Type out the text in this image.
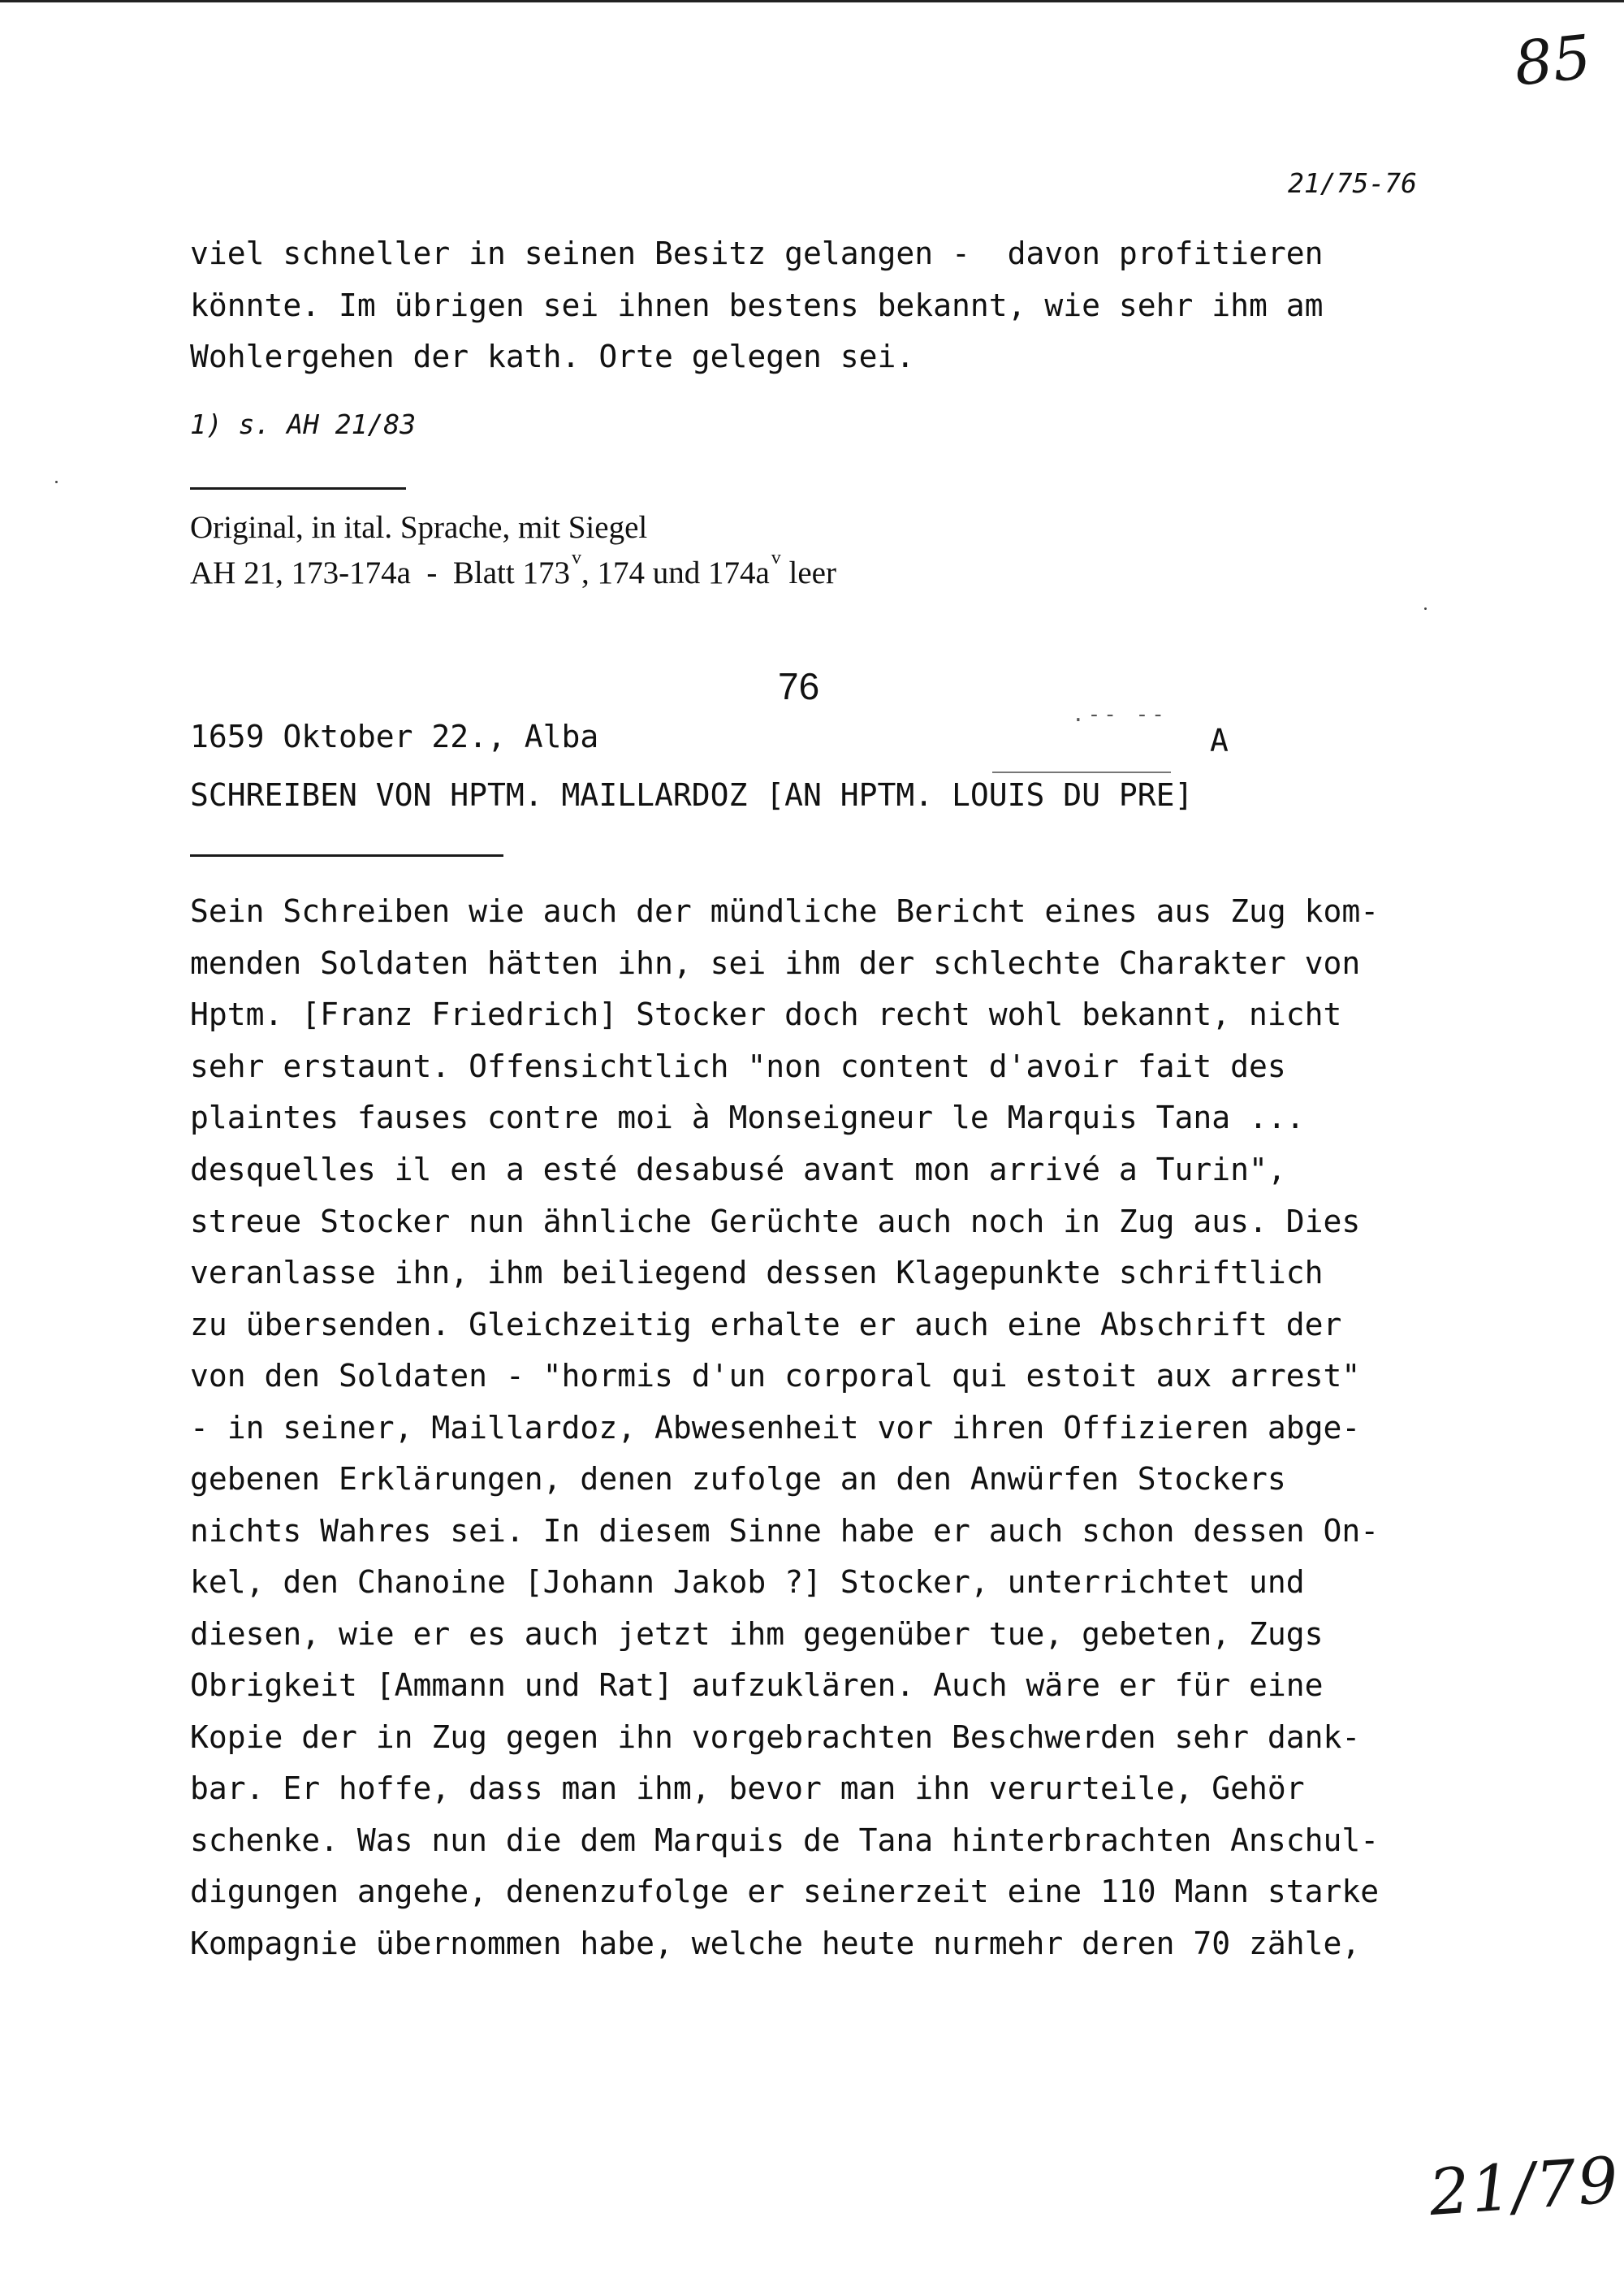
85
21/75-76
viel schneller in seinen Besitz gelangen -  davon profitieren
könnte. Im übrigen sei ihnen bestens bekannt, wie sehr ihm am
Wohlergehen der kath. Orte gelegen sei.
1) s. AH 21/83
Original, in ital. Sprache, mit Siegel
AH 21, 173-174a  -  Blatt 173$^v$, 174 und $174a^v$ leer
76
1659 Oktober 22., Alba
.-- --
A
SCHREIBEN VON HPTM. MAILLARDOZ [AN HPTM. LOUIS DU PRE]
Sein Schreiben wie auch der mündliche Bericht eines aus Zug kom-
menden Soldaten hätten ihn, sei ihm der schlechte Charakter von
Hptm. [Franz Friedrich] Stocker doch recht wohl bekannt, nicht
sehr erstaunt. Offensichtlich "non content d'avoir fait des
plaintes fauses contre moi à Monseigneur le Marquis Tana ...
desquelles il en a esté desabusé avant mon arrivé a Turin",
streue Stocker nun ähnliche Gerüchte auch noch in Zug aus. Dies
veranlasse ihn, ihm beiliegend dessen Klagepunkte schriftlich
zu übersenden. Gleichzeitig erhalte er auch eine Abschrift der
von den Soldaten - "hormis d'un corporal qui estoit aux arrest"
- in seiner, Maillardoz, Abwesenheit vor ihren Offizieren abge-
gebenen Erklärungen, denen zufolge an den Anwürfen Stockers
nichts Wahres sei. In diesem Sinne habe er auch schon dessen On-
kel, den Chanoine [Johann Jakob ?] Stocker, unterrichtet und
diesen, wie er es auch jetzt ihm gegenüber tue, gebeten, Zugs
Obrigkeit [Ammann und Rat] aufzuklären. Auch wäre er für eine
Kopie der in Zug gegen ihn vorgebrachten Beschwerden sehr dank-
bar. Er hoffe, dass man ihm, bevor man ihn verurteile, Gehör
schenke. Was nun die dem Marquis de Tana hinterbrachten Anschul-
digungen angehe, denenzufolge er seinerzeit eine 110 Mann starke
Kompagnie übernommen habe, welche heute nurmehr deren 70 zähle,
21/79
